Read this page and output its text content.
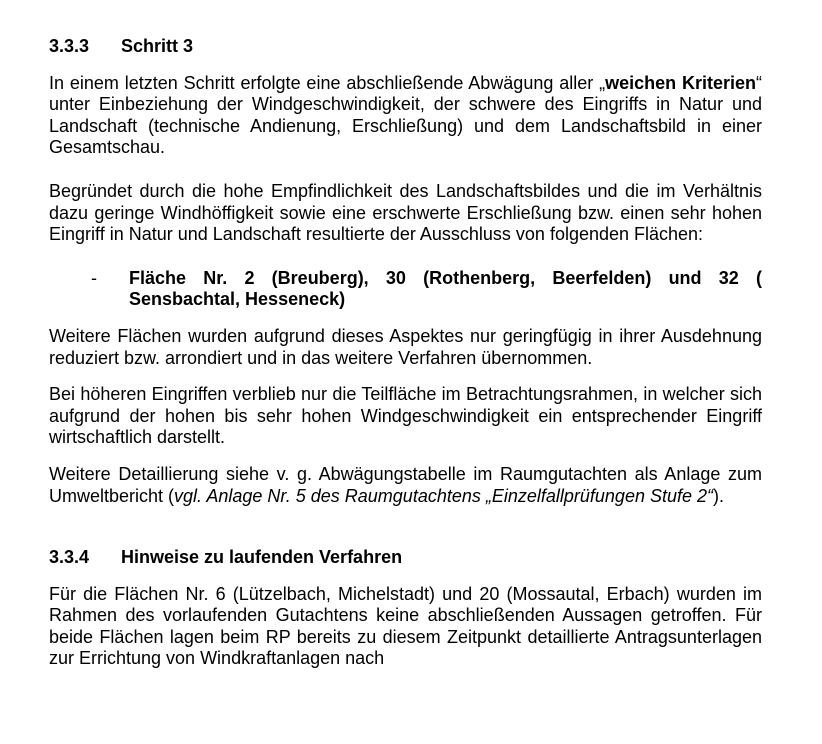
3.3.3	Schritt 3

In einem letzten Schritt erfolgte eine abschließende Abwägung aller „weichen Kriterien“ unter Einbeziehung der Windgeschwindigkeit, der schwere des Eingriffs in Natur und Landschaft (technische Andienung, Erschließung) und dem Landschaftsbild in einer Gesamtschau.

Begründet durch die hohe Empfindlichkeit des Landschaftsbildes und die im Verhältnis dazu geringe Windhöffigkeit sowie eine erschwerte Erschließung bzw. einen sehr hohen Eingriff in Natur und Landschaft resultierte der Ausschluss von folgenden Flächen:

-	Fläche Nr. 2 (Breuberg), 30 (Rothenberg, Beerfelden) und 32 ( Sensbachtal, Hesseneck)

Weitere Flächen wurden aufgrund dieses Aspektes nur geringfügig in ihrer Ausdehnung reduziert bzw. arrondiert und in das weitere Verfahren übernommen.

Bei höheren Eingriffen verblieb nur die Teilfläche im Betrachtungsrahmen, in welcher sich aufgrund der hohen bis sehr hohen Windgeschwindigkeit ein entsprechender Eingriff wirtschaftlich darstellt.

Weitere Detaillierung siehe v. g. Abwägungstabelle im Raumgutachten als Anlage zum Umweltbericht (vgl. Anlage Nr. 5 des Raumgutachtens „Einzelfallprüfungen Stufe 2“).

3.3.4	Hinweise zu laufenden Verfahren

Für die Flächen Nr. 6 (Lützelbach, Michelstadt) und 20 (Mossautal, Erbach) wurden im Rahmen des vorlaufenden Gutachtens keine abschließenden Aussagen getroffen. Für beide Flächen lagen beim RP bereits zu diesem Zeitpunkt detaillierte Antragsunterlagen zur Errichtung von Windkraftanlagen nach
